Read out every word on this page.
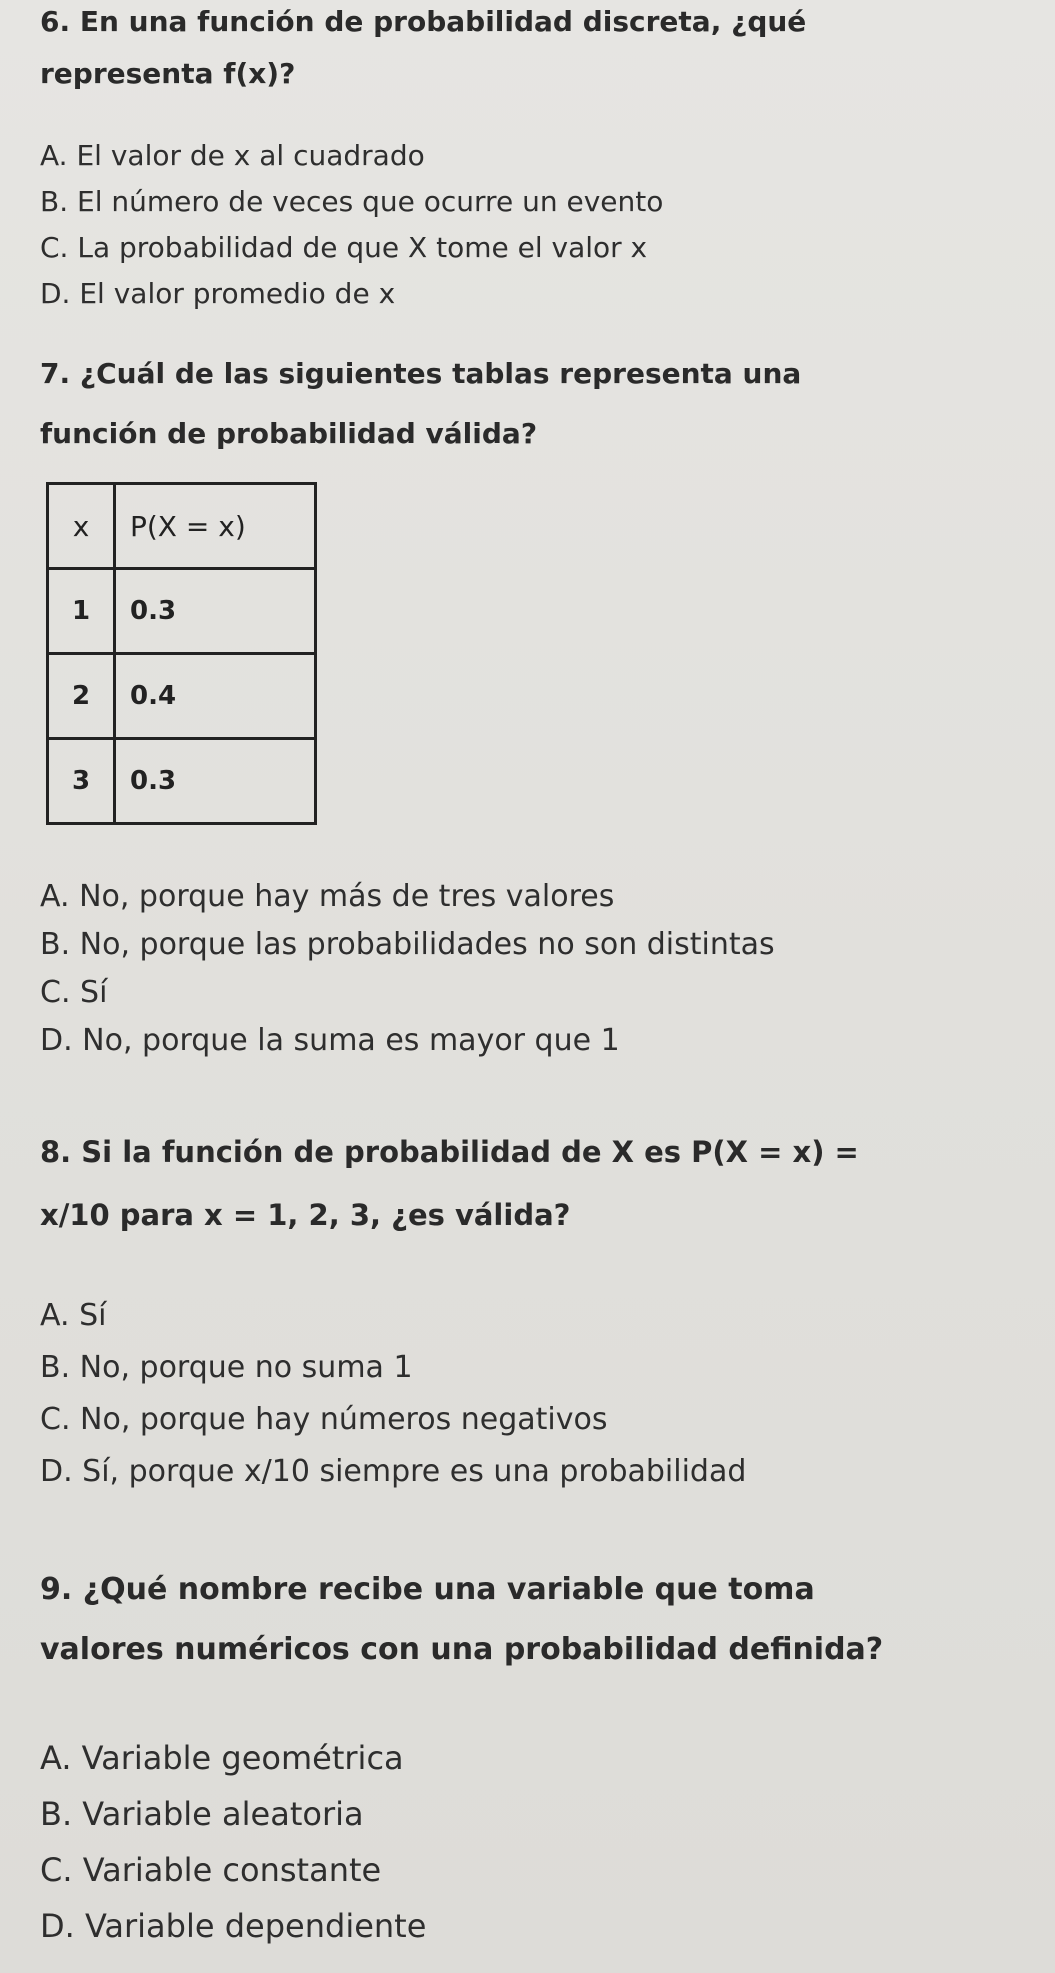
6. En una función de probabilidad discreta, ¿qué

representa f(x)?

A. El valor de x al cuadrado
B. El número de veces que ocurre un evento
C. La probabilidad de que X tome el valor x
D. El valor promedio de x

7. ¿Cuál de las siguientes tablas representa una

función de probabilidad válida?

x	P(X = x)
1	0.3
2	0.4
3	0.3
A. No, porque hay más de tres valores
B. No, porque las probabilidades no son distintas
C. Sí
D. No, porque la suma es mayor que 1

8. Si la función de probabilidad de X es P(X = x) =

x/10 para x = 1, 2, 3, ¿es válida?

A. Sí
B. No, porque no suma 1
C. No, porque hay números negativos
D. Sí, porque x/10 siempre es una probabilidad

9. ¿Qué nombre recibe una variable que toma

valores numéricos con una probabilidad definida?

A. Variable geométrica
B. Variable aleatoria
C. Variable constante
D. Variable dependiente
